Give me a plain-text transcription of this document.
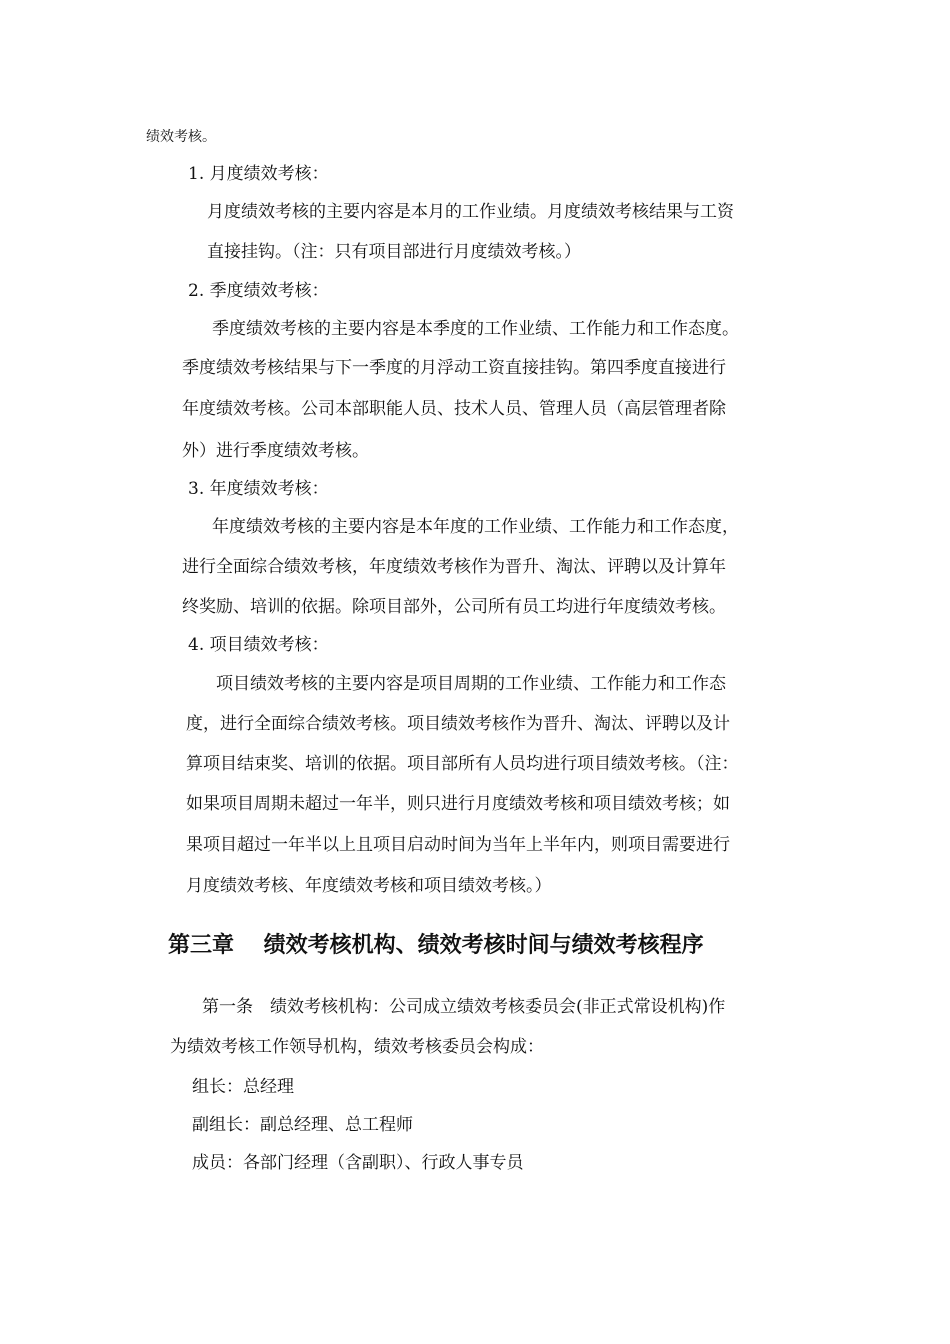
绩效考核。
1. 月度绩效考核：
月度绩效考核的主要内容是本月的工作业绩。月度绩效考核结果与工资
直接挂钩。（注：只有项目部进行月度绩效考核。）
2. 季度绩效考核：
季度绩效考核的主要内容是本季度的工作业绩、工作能力和工作态度。
季度绩效考核结果与下一季度的月浮动工资直接挂钩。第四季度直接进行
年度绩效考核。公司本部职能人员、技术人员、管理人员（高层管理者除
外）进行季度绩效考核。
3. 年度绩效考核：
年度绩效考核的主要内容是本年度的工作业绩、工作能力和工作态度，
进行全面综合绩效考核，年度绩效考核作为晋升、淘汰、评聘以及计算年
终奖励、培训的依据。除项目部外，公司所有员工均进行年度绩效考核。
4. 项目绩效考核：
项目绩效考核的主要内容是项目周期的工作业绩、工作能力和工作态
度，进行全面综合绩效考核。项目绩效考核作为晋升、淘汰、评聘以及计
算项目结束奖、培训的依据。项目部所有人员均进行项目绩效考核。（注：
如果项目周期未超过一年半，则只进行月度绩效考核和项目绩效考核；如
果项目超过一年半以上且项目启动时间为当年上半年内，则项目需要进行
月度绩效考核、年度绩效考核和项目绩效考核。）
第三章　 绩效考核机构、绩效考核时间与绩效考核程序
第一条　绩效考核机构：公司成立绩效考核委员会(非正式常设机构)作
为绩效考核工作领导机构，绩效考核委员会构成：
组长：总经理
副组长：副总经理、总工程师
成员：各部门经理（含副职）、行政人事专员
